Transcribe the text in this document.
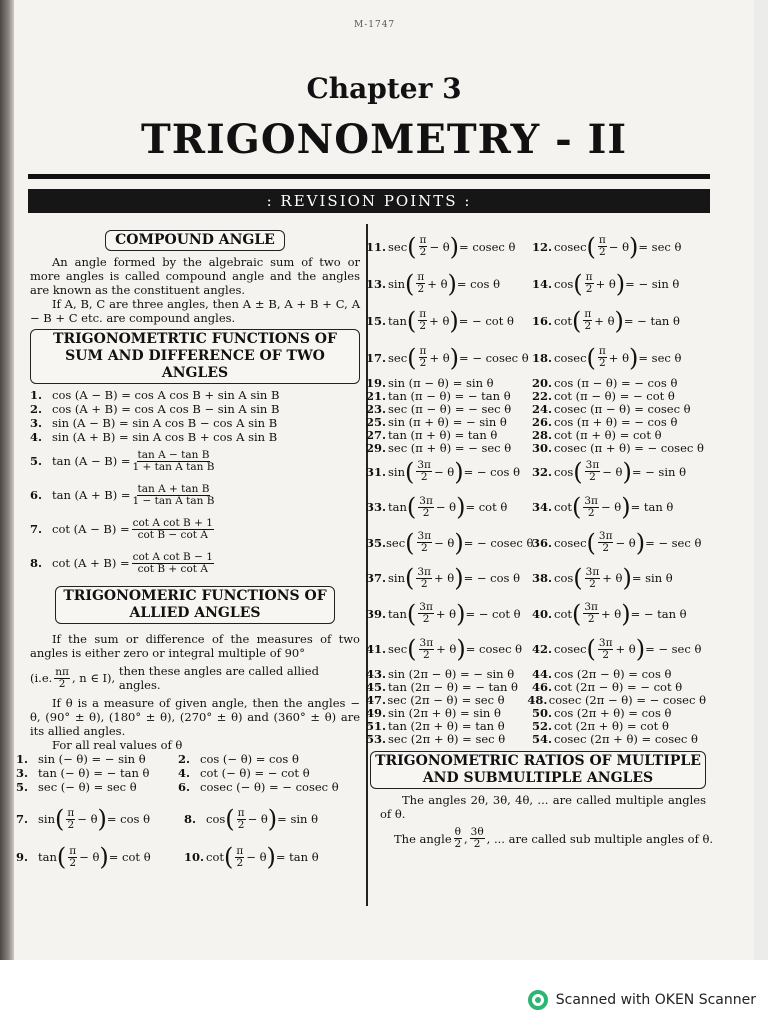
M-1747
Chapter 3
TRIGONOMETRY - II
: REVISION POINTS :
COMPOUND ANGLE

An angle formed by the algebraic sum of two or more angles is called compound angle and the angles are known as the constituent angles.

If A, B, C are three angles, then A ± B, A + B + C, A − B + C etc. are compound angles.

TRIGONOMETRTIC FUNCTIONS OF SUM AND DIFFERENCE OF TWO ANGLES
1. cos (A − B) = cos A cos B + sin A sin B
2. cos (A + B) = cos A cos B − sin A sin B
3. sin (A − B) = sin A cos B − cos A sin B
4. sin (A + B) = sin A cos B + cos A sin B
5. $\tan (A - B) = \frac{\text{tan A − tan B}}{\text{1 + tan A tan B}}$
6. $\tan (A + B) = \frac{\text{tan A + tan B}}{\text{1 − tan A tan B}}$
7. $\cot (A - B) = \frac{\text{cot A cot B + 1}}{\text{cot B − cot A}}$
8. $\cot (A + B) = \frac{\text{cot A cot B − 1}}{\text{cot B + cot A}}$
TRIGONOMERIC FUNCTIONS OF ALLIED ANGLES

If the sum or difference of the measures of two angles is either zero or integral multiple of 90°

(i.e. $\frac{n\pi}{2}$ , n ∈ I),
then these angles are called allied angles.

If θ is a measure of given angle, then the angles − θ, (90° ± θ), (180° ± θ), (270° ± θ) and (360° ± θ) are its allied angles.

For all real values of θ

1. sin (− θ) = − sin θ	2. cos (− θ) = cos θ
3. tan (− θ) = − tan θ	4. cot (− θ) = − cot θ
5. sec (− θ) = sec θ	6. cosec (− θ) = − cosec θ
7. sin ( $\frac{\pi}{2} - \theta$ ) = cos θ	8. cos ( $\frac{\pi}{2} - \theta$ ) = sin θ
9. tan ( $\frac{\pi}{2} - \theta$ ) = cot θ	10. cot ( $\frac{\pi}{2} - \theta$ ) = tan θ
11. sec ( $\frac{\pi}{2} - \theta$ ) = cosec θ 12. cosec ( $\frac{\pi}{2} - \theta$ ) = sec θ
13. sin ( $\frac{\pi}{2} + \theta$ ) = cos θ	14. cos ( $\frac{\pi}{2} + \theta$ ) = − sin θ
15. tan ( $\frac{\pi}{2} + \theta$ ) = − cot θ 16. cot ( $\frac{\pi}{2} + \theta$ ) = − tan θ
17. sec ( $\frac{\pi}{2} + \theta$ ) = − cosec θ 18. cosec ( $\frac{\pi}{2} + \theta$ ) = sec θ
19. sin (π − θ) = sin θ	20. cos (π − θ) = − cos θ
21. tan (π − θ) = − tan θ	22. cot (π − θ) = − cot θ
23. sec (π − θ) = − sec θ	24. cosec (π − θ) = cosec θ
25. sin (π + θ) = − sin θ	26. cos (π + θ) = − cos θ
27. tan (π + θ) = tan θ	28. cot (π + θ) = cot θ
29. sec (π + θ) = − sec θ	30. cosec (π + θ) = − cosec θ
31. sin ( $\frac{3\pi}{2} - \theta$ ) = − cos θ 32. cos ( $\frac{3\pi}{2} - \theta$ ) = − sin θ
33. tan ( $\frac{3\pi}{2} - \theta$ ) = cot θ 34. cot ( $\frac{3\pi}{2} - \theta$ ) = tan θ
35. sec ( $\frac{3\pi}{2} - \theta$ ) = − cosec θ
36. cosec ( $\frac{3\pi}{2} - \theta$ ) = − sec θ
37. sin ( $\frac{3\pi}{2} + \theta$ ) = − cos θ 38. cos ( $\frac{3\pi}{2} + \theta$ ) = sin θ
39. tan ( $\frac{3\pi}{2} + \theta$ ) = − cot θ 40. cot ( $\frac{3\pi}{2} + \theta$ ) = − tan θ
41. sec ( $\frac{3\pi}{2} + \theta$ ) = cosec θ 42. cosec ( $\frac{3\pi}{2} + \theta$ ) = − sec θ
43. sin (2π − θ) = − sin θ	44. cos (2π − θ) = cos θ
45. tan (2π − θ) = − tan θ	46. cot (2π − θ) = − cot θ
47. sec (2π − θ) = sec θ	48. cosec (2π − θ) = − cosec θ
49. sin (2π + θ) = sin θ	50. cos (2π + θ) = cos θ
51. tan (2π + θ) = tan θ	52. cot (2π + θ) = cot θ
53. sec (2π + θ) = sec θ	54. cosec (2π + θ) = cosec θ
TRIGONOMETRIC RATIOS OF MULTIPLE AND SUBMULTIPLE ANGLES

The angles 2θ, 3θ, 4θ, ... are called multiple angles of θ.

The angle $\frac{\theta}{2}$ , $\frac{3\theta}{2}$ , ... are called sub multiple angles of θ.
Scanned with OKEN Scanner
